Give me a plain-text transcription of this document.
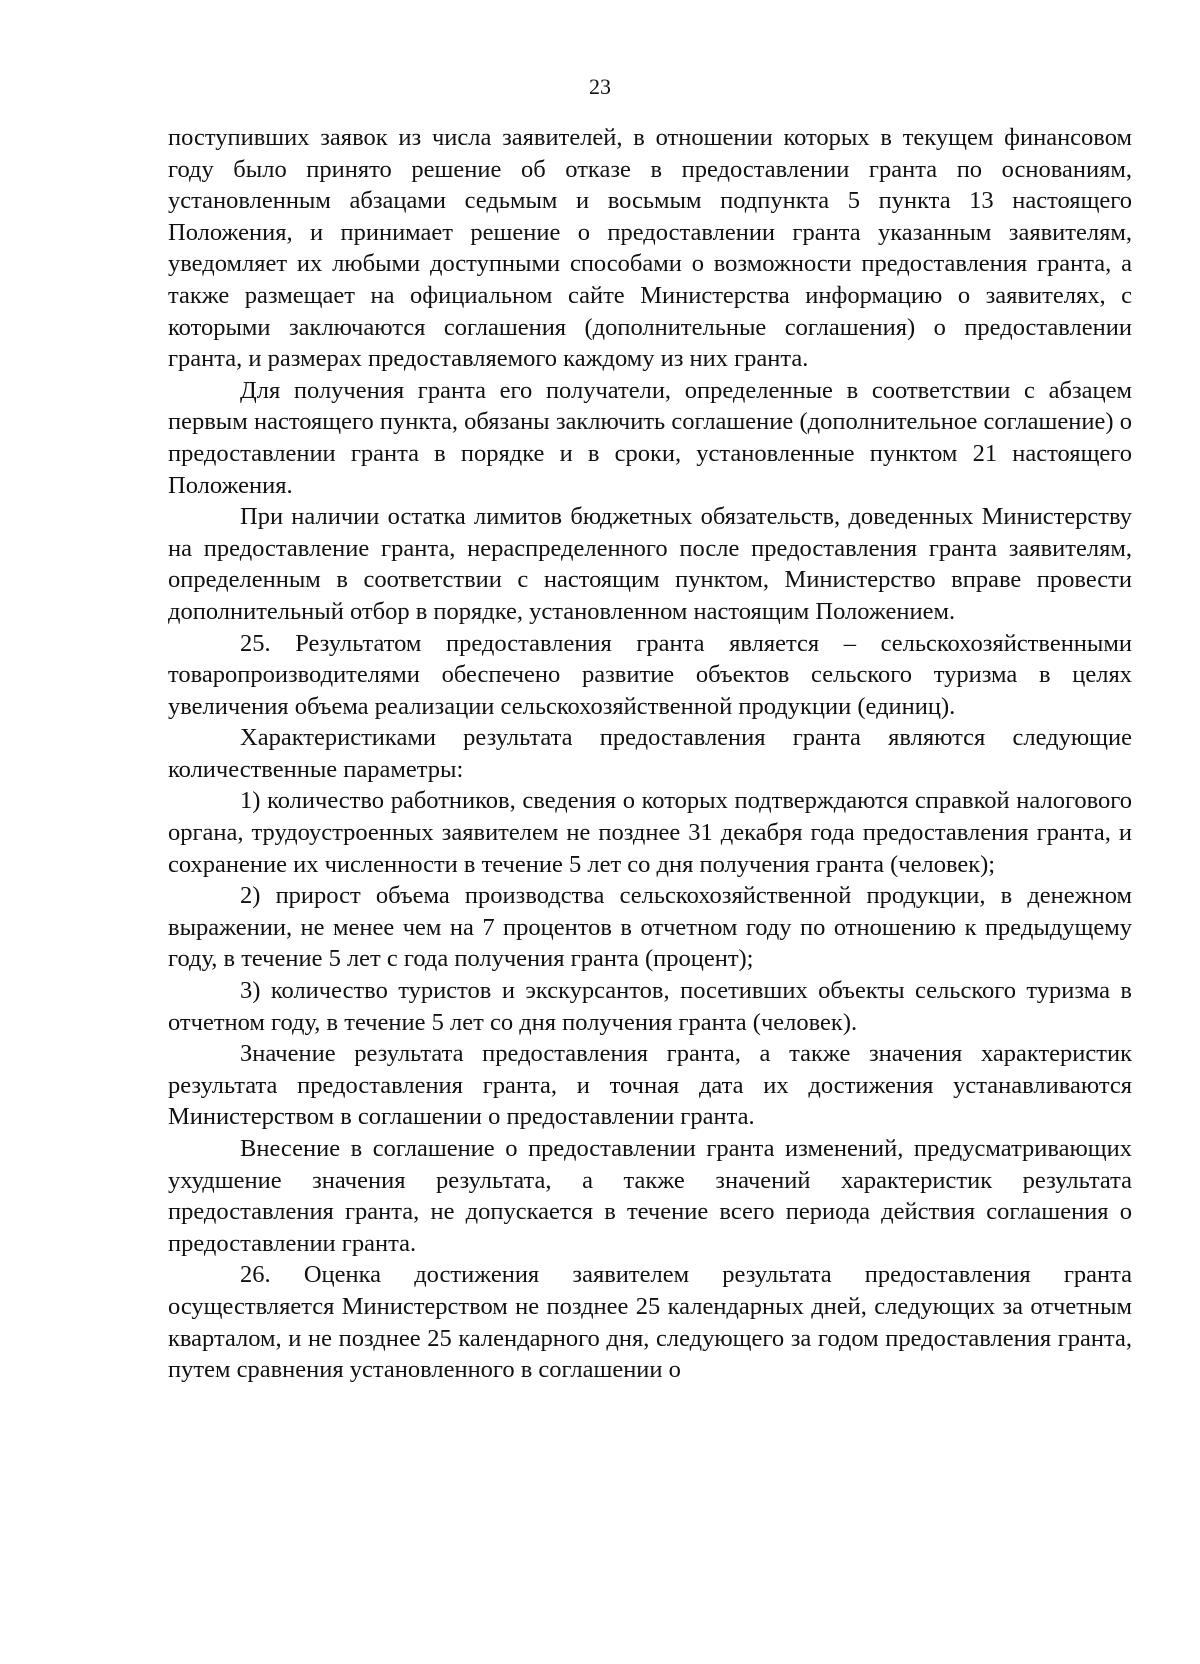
23

поступивших заявок из числа заявителей, в отношении которых в текущем финансовом году было принято решение об отказе в предоставлении гранта по основаниям, установленным абзацами седьмым и восьмым подпункта 5 пункта 13 настоящего Положения, и принимает решение о предоставлении гранта указанным заявителям, уведомляет их любыми доступными способами о возможности предоставления гранта, а также размещает на официальном сайте Министерства информацию о заявителях, с которыми заключаются соглашения (дополнительные соглашения) о предоставлении гранта, и размерах предоставляемого каждому из них гранта.

Для получения гранта его получатели, определенные в соответствии с абзацем первым настоящего пункта, обязаны заключить соглашение (дополнительное соглашение) о предоставлении гранта в порядке и в сроки, установленные пунктом 21 настоящего Положения.

При наличии остатка лимитов бюджетных обязательств, доведенных Министерству на предоставление гранта, нераспределенного после предоставления гранта заявителям, определенным в соответствии с настоящим пунктом, Министерство вправе провести дополнительный отбор в порядке, установленном настоящим Положением.

25. Результатом предоставления гранта является – сельскохозяйственными товаропроизводителями обеспечено развитие объектов сельского туризма в целях увеличения объема реализации сельскохозяйственной продукции (единиц).

Характеристиками результата предоставления гранта являются следующие количественные параметры:

1) количество работников, сведения о которых подтверждаются справкой налогового органа, трудоустроенных заявителем не позднее 31 декабря года предоставления гранта, и сохранение их численности в течение 5 лет со дня получения гранта (человек);

2) прирост объема производства сельскохозяйственной продукции, в денежном выражении, не менее чем на 7 процентов в отчетном году по отношению к предыдущему году, в течение 5 лет с года получения гранта (процент);

3) количество туристов и экскурсантов, посетивших объекты сельского туризма в отчетном году, в течение 5 лет со дня получения гранта (человек).

Значение результата предоставления гранта, а также значения характеристик результата предоставления гранта, и точная дата их достижения устанавливаются Министерством в соглашении о предоставлении гранта.

Внесение в соглашение о предоставлении гранта изменений, предусматривающих ухудшение значения результата, а также значений характеристик результата предоставления гранта, не допускается в течение всего периода действия соглашения о предоставлении гранта.

26. Оценка достижения заявителем результата предоставления гранта осуществляется Министерством не позднее 25 календарных дней, следующих за отчетным кварталом, и не позднее 25 календарного дня, следующего за годом предоставления гранта, путем сравнения установленного в соглашении о
